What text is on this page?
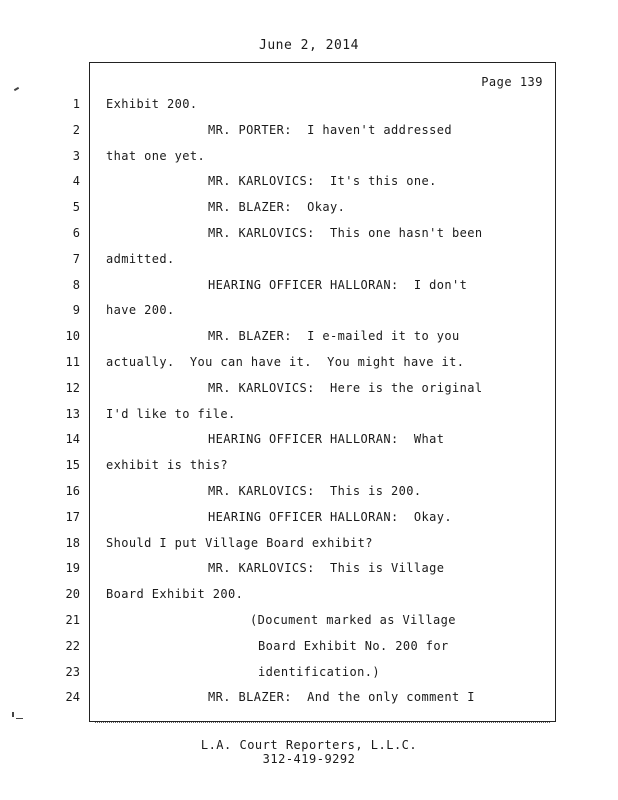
June 2, 2014
Page 139
1 Exhibit 200.
2	MR. PORTER:  I haven't addressed
3 that one yet.
4	MR. KARLOVICS:  It's this one.
5	MR. BLAZER:  Okay.
6	MR. KARLOVICS:  This one hasn't been
7 admitted.
8	HEARING OFFICER HALLORAN:  I don't
9 have 200.
10	MR. BLAZER:  I e-mailed it to you
11 actually.  You can have it.  You might have it.
12	MR. KARLOVICS:  Here is the original
13 I'd like to file.
14	HEARING OFFICER HALLORAN:  What
15 exhibit is this?
16	MR. KARLOVICS:  This is 200.
17	HEARING OFFICER HALLORAN:  Okay.
18 Should I put Village Board exhibit?
19	MR. KARLOVICS:  This is Village
20 Board Exhibit 200.
21	(Document marked as Village
22	Board Exhibit No. 200 for
23	identification.)
24	MR. BLAZER:  And the only comment I
L.A. Court Reporters, L.L.C.
312-419-9292
